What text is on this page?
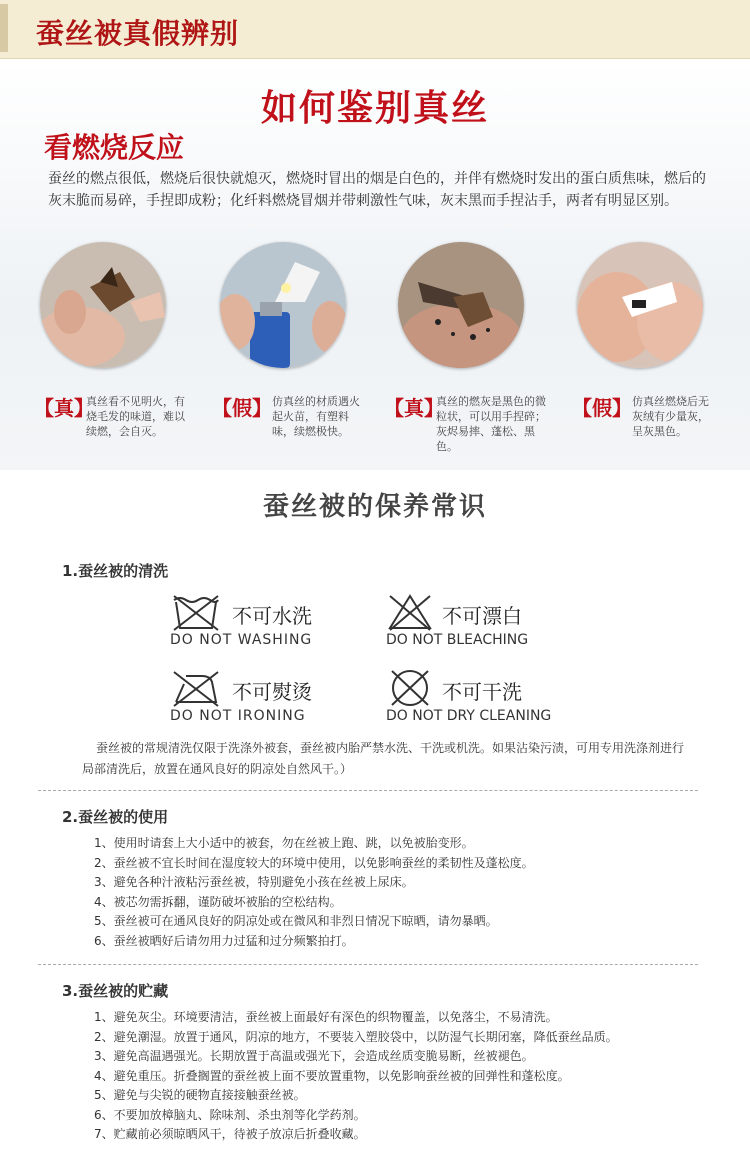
蚕丝被真假辨别
如何鉴别真丝
看燃烧反应
蚕丝的燃点很低，燃烧后很快就熄灭，燃烧时冒出的烟是白色的，并伴有燃烧时发出的蛋白质焦味，燃后的灰末脆而易碎，手捏即成粉；化纤料燃烧冒烟并带刺激性气味，灰末黑而手捏沾手，两者有明显区别。
【真】
真丝看不见明火，有烧毛发的味道，难以续燃，会自灭。
【假】 仿真丝的材质遇火起火苗，有塑料味，续燃极快。
【真】
真丝的燃灰是黑色的微粒状，可以用手捏碎；灰烬易摔、蓬松、黑色。
【假】 仿真丝燃烧后无灰绒有少量灰，呈灰黑色。
蚕丝被的保养常识
1.蚕丝被的清洗
不可水洗
DO NOT WASHING
不可漂白
DO NOT BLEACHING
不可熨烫
DO NOT IRONING
不可干洗
DO NOT DRY CLEANING
蚕丝被的常规清洗仅限于洗涤外被套，蚕丝被内胎严禁水洗、干洗或机洗。如果沾染污渍，可用专用洗涤剂进行局部清洗后，放置在通风良好的阴凉处自然风干。）
2.蚕丝被的使用
1、使用时请套上大小适中的被套，勿在丝被上跑、跳，以免被胎变形。
2、蚕丝被不宜长时间在湿度较大的环境中使用，以免影响蚕丝的柔韧性及蓬松度。
3、避免各种汁液粘污蚕丝被，特别避免小孩在丝被上尿床。
4、被芯勿需拆翻，谨防破坏被胎的空松结构。
5、蚕丝被可在通风良好的阴凉处或在微风和非烈日情况下晾晒，请勿暴晒。
6、蚕丝被晒好后请勿用力过猛和过分频繁拍打。
3.蚕丝被的贮藏
1、避免灰尘。环境要清洁，蚕丝被上面最好有深色的织物覆盖，以免落尘，不易清洗。
2、避免潮湿。放置于通风，阴凉的地方，不要装入塑胶袋中，以防湿气长期闭塞，降低蚕丝品质。
3、避免高温遇强光。长期放置于高温或强光下，会造成丝质变脆易断，丝被褪色。
4、避免重压。折叠搁置的蚕丝被上面不要放置重物，以免影响蚕丝被的回弹性和蓬松度。
5、避免与尖锐的硬物直接接触蚕丝被。
6、不要加放樟脑丸、除味剂、杀虫剂等化学药剂。
7、贮藏前必须晾晒风干，待被子放凉后折叠收藏。
